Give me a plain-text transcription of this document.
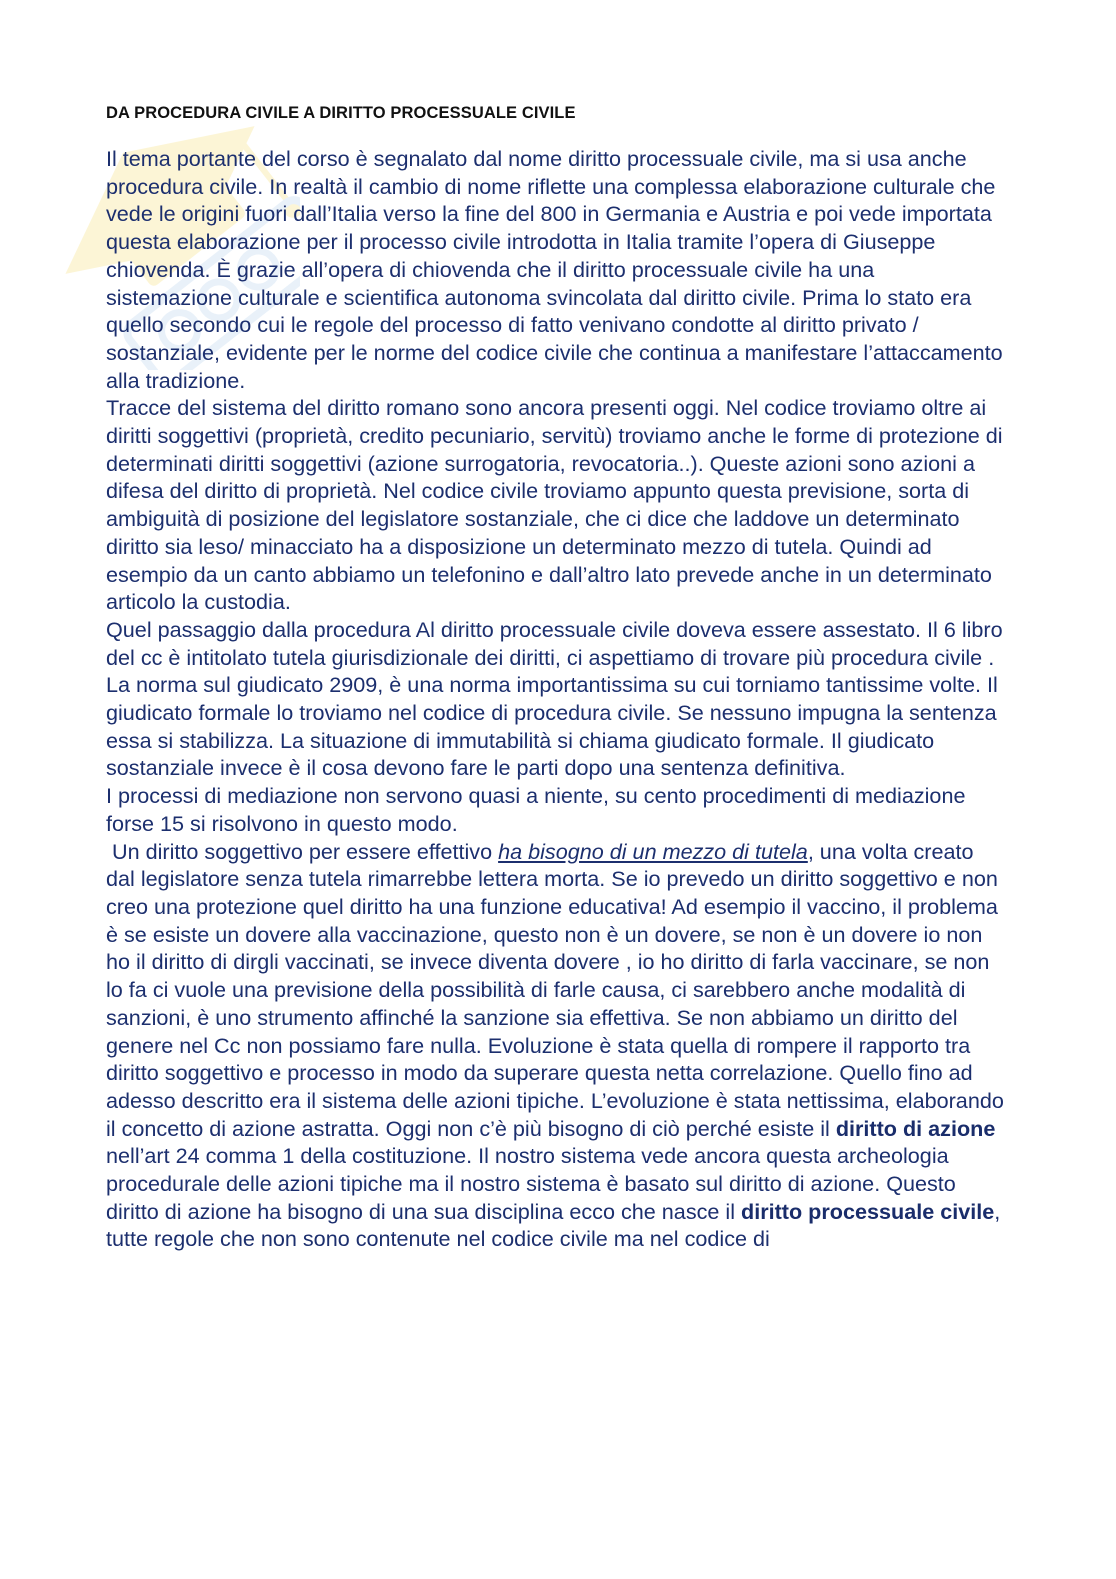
DA PROCEDURA CIVILE A DIRITTO PROCESSUALE CIVILE

Il tema portante del corso è segnalato dal nome diritto processuale civile, ma si usa anche procedura civile. In realtà il cambio di nome riflette una complessa elaborazione culturale che vede le origini fuori dall’Italia verso la fine del 800 in Germania e Austria e poi vede importata questa elaborazione per il processo civile introdotta in Italia tramite l’opera di Giuseppe chiovenda. È grazie all’opera di chiovenda che il diritto processuale civile ha una sistemazione culturale e scientifica autonoma svincolata dal diritto civile. Prima lo stato era quello secondo cui le regole del processo di fatto venivano condotte al diritto privato / sostanziale, evidente per le norme del codice civile che continua a manifestare l’attaccamento alla tradizione.

Tracce del sistema del diritto romano sono ancora presenti oggi. Nel codice troviamo oltre ai diritti soggettivi (proprietà, credito pecuniario, servitù) troviamo anche le forme di protezione di determinati diritti soggettivi (azione surrogatoria, revocatoria..). Queste azioni sono azioni a difesa del diritto di proprietà. Nel codice civile troviamo appunto questa previsione, sorta di ambiguità di posizione del legislatore sostanziale, che ci dice che laddove un determinato diritto sia leso/ minacciato ha a disposizione un determinato mezzo di tutela. Quindi ad esempio da un canto abbiamo un telefonino e dall’altro lato prevede anche in un determinato articolo la custodia.

Quel passaggio dalla procedura Al diritto processuale civile doveva essere assestato. Il 6 libro del cc è intitolato tutela giurisdizionale dei diritti, ci aspettiamo di trovare più procedura civile . La norma sul giudicato 2909, è una norma importantissima su cui torniamo tantissime volte. Il giudicato formale lo troviamo nel codice di procedura civile. Se nessuno impugna la sentenza essa si stabilizza. La situazione di immutabilità si chiama giudicato formale. Il giudicato sostanziale invece è il cosa devono fare le parti dopo una sentenza definitiva.

I processi di mediazione non servono quasi a niente, su cento procedimenti di mediazione forse 15 si risolvono in questo modo.

Un diritto soggettivo per essere effettivo ha bisogno di un mezzo di tutela, una volta creato dal legislatore senza tutela rimarrebbe lettera morta. Se io prevedo un diritto soggettivo e non creo una protezione quel diritto ha una funzione educativa! Ad esempio il vaccino, il problema è se esiste un dovere alla vaccinazione, questo non è un dovere, se non è un dovere io non ho il diritto di dirgli vaccinati, se invece diventa dovere , io ho diritto di farla vaccinare, se non lo fa ci vuole una previsione della possibilità di farle causa, ci sarebbero anche modalità di sanzioni, è uno strumento affinché la sanzione sia effettiva. Se non abbiamo un diritto del genere nel Cc non possiamo fare nulla. Evoluzione è stata quella di rompere il rapporto tra diritto soggettivo e processo in modo da superare questa netta correlazione. Quello fino ad adesso descritto era il sistema delle azioni tipiche. L’evoluzione è stata nettissima, elaborando il concetto di azione astratta. Oggi non c’è più bisogno di ciò perché esiste il diritto di azione nell’art 24 comma 1 della costituzione. Il nostro sistema vede ancora questa archeologia procedurale delle azioni tipiche ma il nostro sistema è basato sul diritto di azione. Questo diritto di azione ha bisogno di una sua disciplina ecco che nasce il diritto processuale civile, tutte regole che non sono contenute nel codice civile ma nel codice di
